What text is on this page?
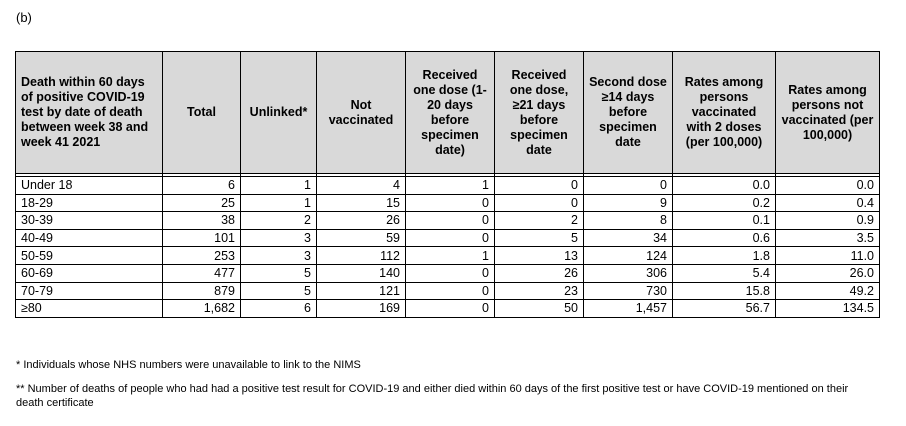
(b)
Death within 60 days of positive COVID-19 test by date of death between week 38 and week 41 2021	Total	Unlinked*	Not vaccinated	Received one dose (1-20 days before specimen date)	Received one dose, ≥21 days before specimen date	Second dose ≥14 days before specimen date	Rates among persons vaccinated with 2 doses (per 100,000)	Rates among persons not vaccinated (per 100,000)

Under 18	6	1	4	1	0	0	0.0	0.0
18-29	25	1	15	0	0	9	0.2	0.4
30-39	38	2	26	0	2	8	0.1	0.9
40-49	101	3	59	0	5	34	0.6	3.5
50-59	253	3	112	1	13	124	1.8	11.0
60-69	477	5	140	0	26	306	5.4	26.0
70-79	879	5	121	0	23	730	15.8	49.2
≥80	1,682	6	169	0	50	1,457	56.7	134.5
* Individuals whose NHS numbers were unavailable to link to the NIMS
** Number of deaths of people who had had a positive test result for COVID-19 and either died within 60 days of the first positive test or have COVID-19 mentioned on their death certificate
